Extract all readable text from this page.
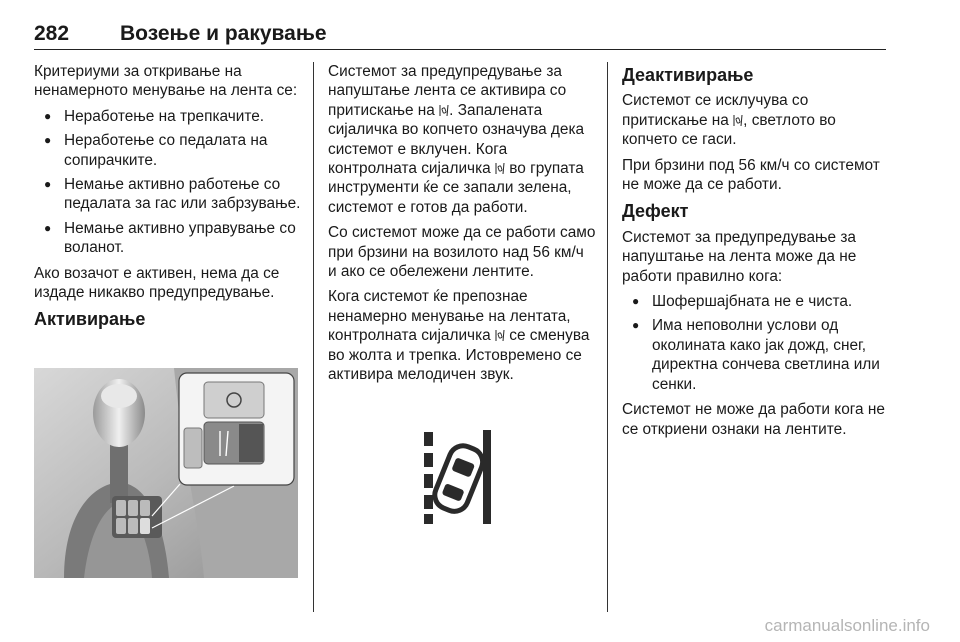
282 Возење и ракување

Критериуми за откривање на ненамерното менување на лента се:

● Неработење на трепкачите.
● Неработење со педалата на сопирачките.
● Немање активно работење со педалата за гас или забрзување.
● Немање активно управување со воланот.

Ако возачот е активен, нема да се издаде никакво предупредување.

Активирање

Системот за предупредување за напуштање лента се активира со притискање на . Запалената сијаличка во копчето означува дека системот е вклучен. Кога контролната сијаличка во групата инструменти ќе се запали зелена, системот е готов да работи.

Со системот може да се работи само при брзини на возилото над 56 км/ч и ако се обележени лентите.

Кога системот ќе препознае ненамерно менување на лентата, контролната сијаличка се сменува во жолта и трепка. Истовремено се активира мелодичен звук.

Деактивирање

Системот се исклучува со притискање на , светлото во копчето се гаси.

При брзини под 56 км/ч со системот не може да се работи.

Дефект

Системот за предупредување за напуштање на лента може да не работи правилно кога:

● Шофершајбната не е чиста.
● Има неповолни услови од околината како јак дожд, снег, директна сончева светлина или сенки.

Системот не може да работи кога не се откриени ознаки на лентите.

carmanualsonline.info
